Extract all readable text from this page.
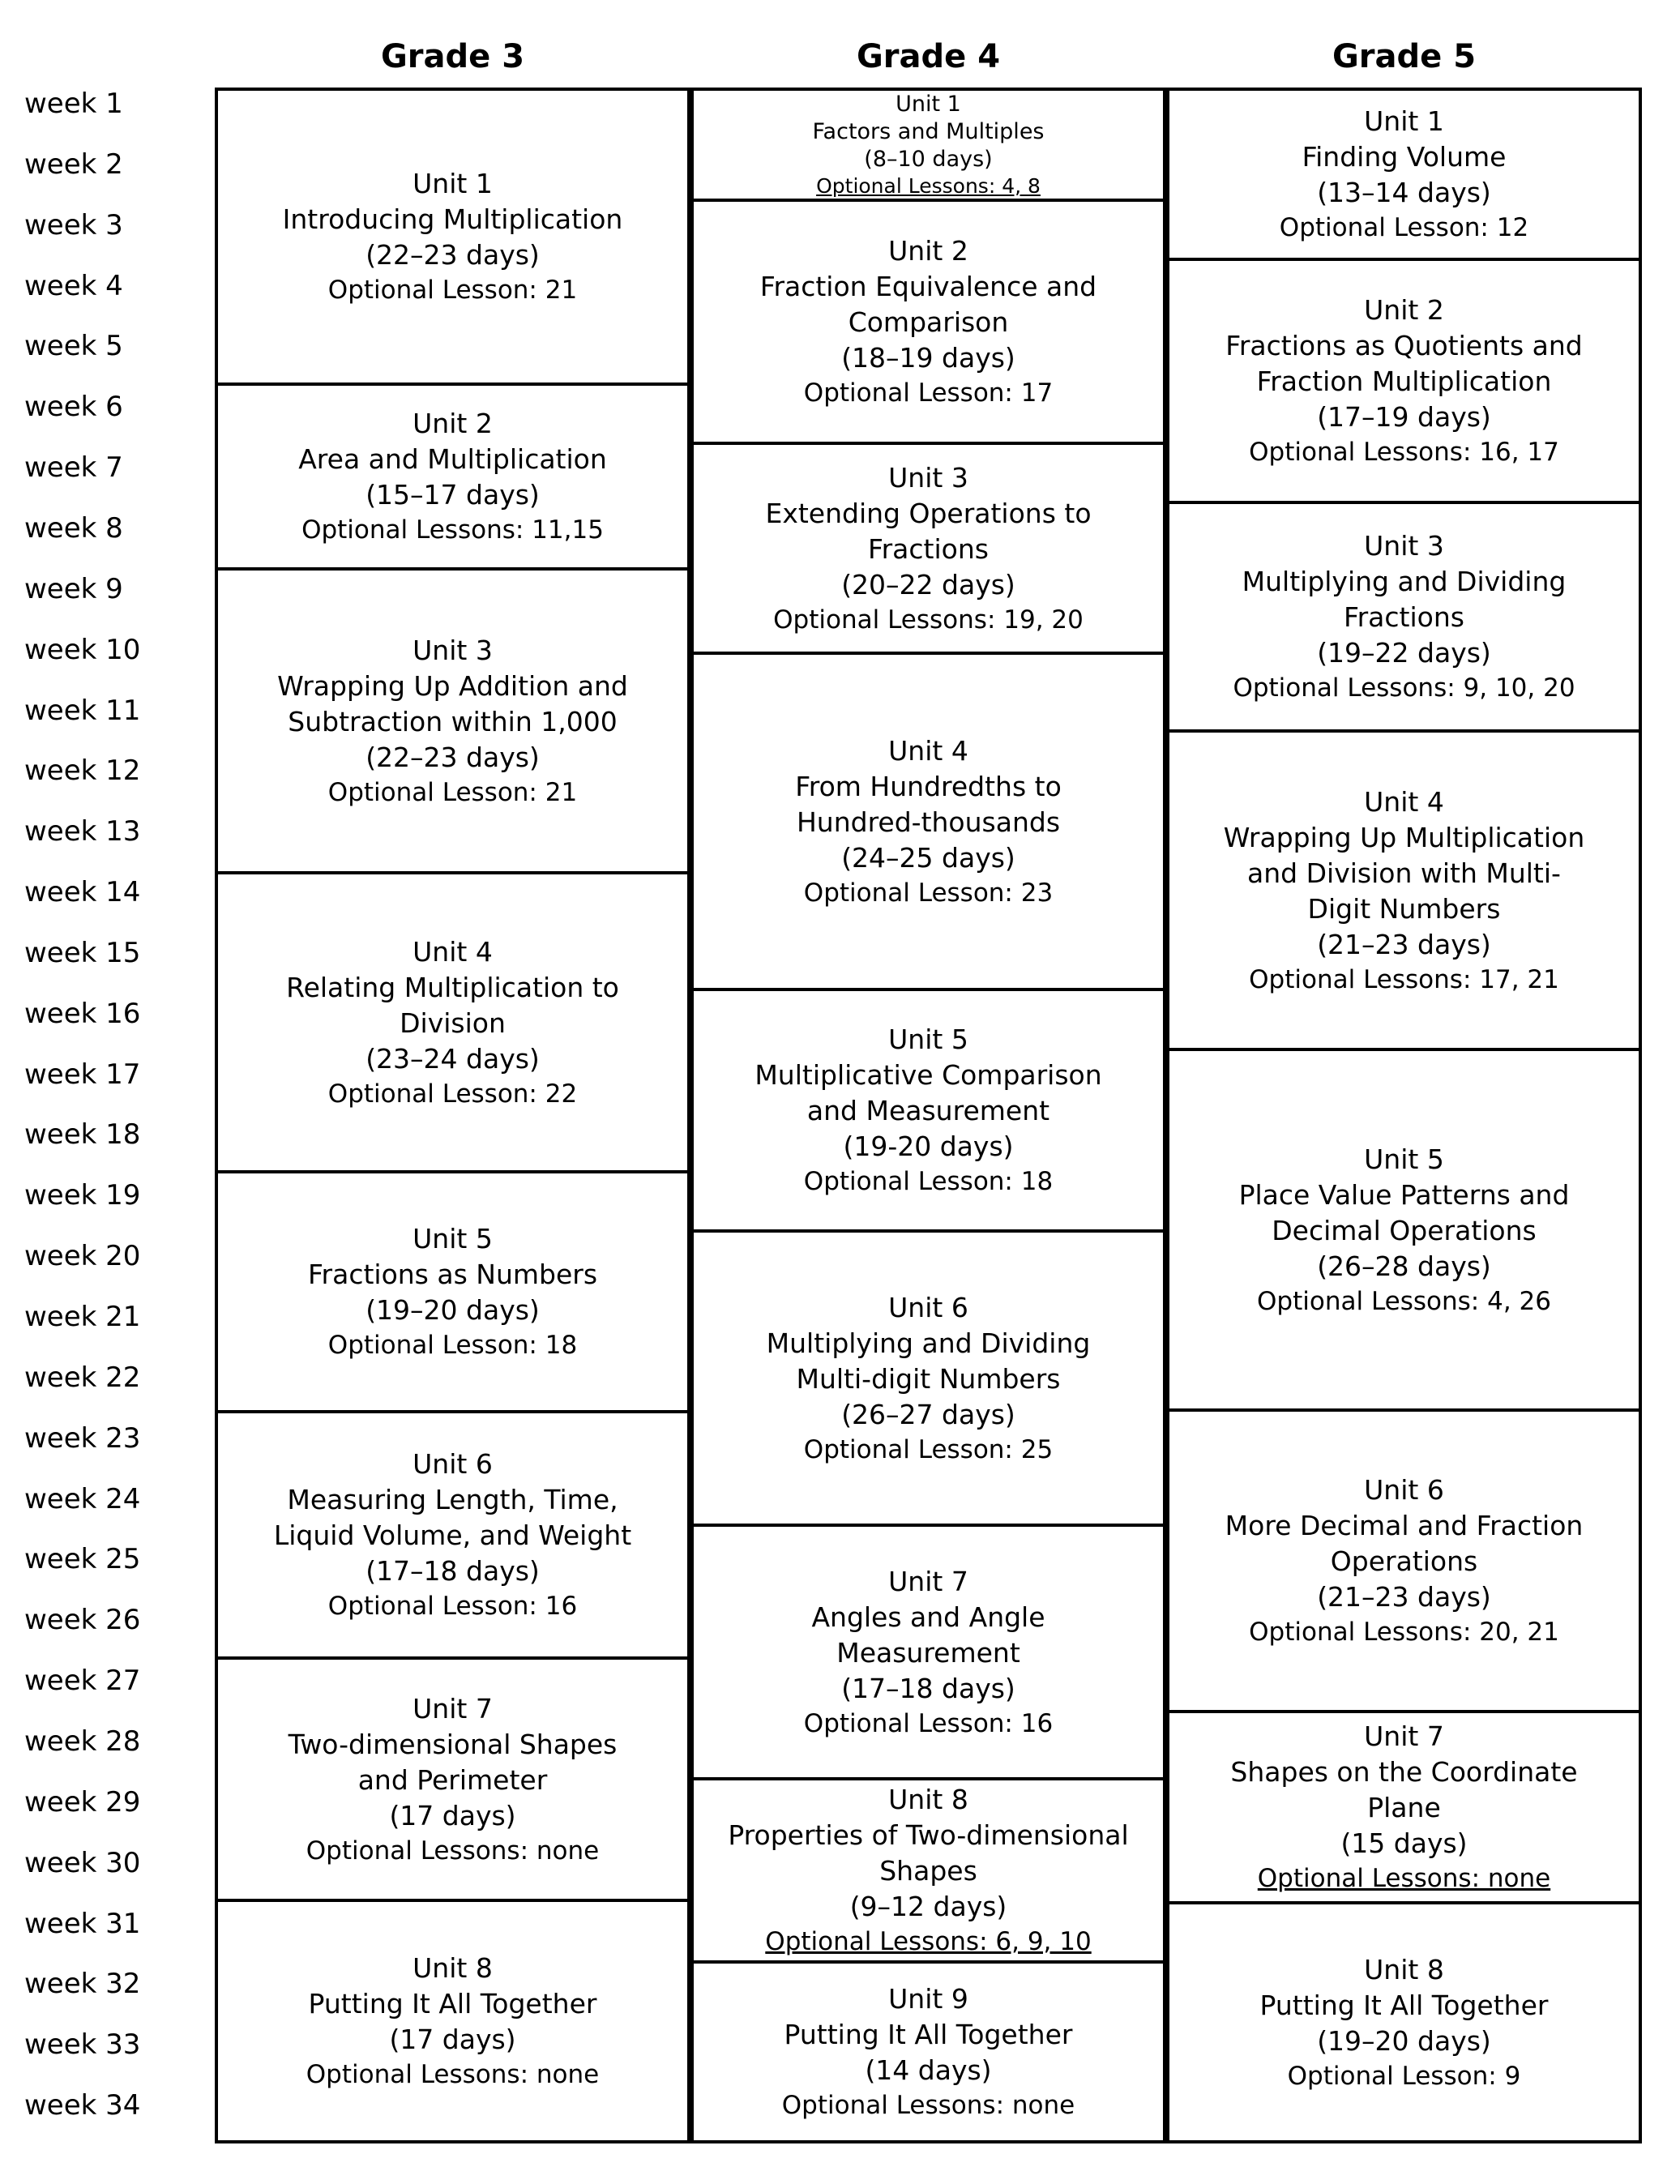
Grade 3	Grade 4	Grade 5
week 1
week 2
week 3
week 4
week 5
week 6
week 7
week 8
week 9
week 10
week 11
week 12
week 13
week 14
week 15
week 16
week 17
week 18
week 19
week 20
week 21
week 22
week 23
week 24
week 25
week 26
week 27
week 28
week 29
week 30
week 31
week 32
week 33
week 34
Unit 1
Introducing Multiplication
(22–23 days)
Optional Lesson: 21
Unit 2
Area and Multiplication
(15–17 days)
Optional Lessons: 11,15
Unit 3
Wrapping Up Addition and
Subtraction within 1,000
(22–23 days)
Optional Lesson: 21
Unit 4
Relating Multiplication to
Division
(23–24 days)
Optional Lesson: 22
Unit 5
Fractions as Numbers
(19–20 days)
Optional Lesson: 18
Unit 6
Measuring Length, Time,
Liquid Volume, and Weight
(17–18 days)
Optional Lesson: 16
Unit 7
Two-dimensional Shapes
and Perimeter
(17 days)
Optional Lessons: none
Unit 8
Putting It All Together
(17 days)
Optional Lessons: none
Unit 1
Factors and Multiples
(8–10 days)
Optional Lessons: 4, 8
Unit 2
Fraction Equivalence and
Comparison
(18–19 days)
Optional Lesson: 17
Unit 3
Extending Operations to
Fractions
(20–22 days)
Optional Lessons: 19, 20
Unit 4
From Hundredths to
Hundred-thousands
(24–25 days)
Optional Lesson: 23
Unit 5
Multiplicative Comparison
and Measurement
(19-20 days)
Optional Lesson: 18
Unit 6
Multiplying and Dividing
Multi-digit Numbers
(26–27 days)
Optional Lesson: 25
Unit 7
Angles and Angle
Measurement
(17–18 days)
Optional Lesson: 16
Unit 8
Properties of Two-dimensional
Shapes
(9–12 days)
Optional Lessons: 6, 9, 10
Unit 9
Putting It All Together
(14 days)
Optional Lessons: none
Unit 1
Finding Volume
(13–14 days)
Optional Lesson: 12
Unit 2
Fractions as Quotients and
Fraction Multiplication
(17–19 days)
Optional Lessons: 16, 17
Unit 3
Multiplying and Dividing
Fractions
(19–22 days)
Optional Lessons: 9, 10, 20
Unit 4
Wrapping Up Multiplication
and Division with Multi-
Digit Numbers
(21–23 days)
Optional Lessons: 17, 21
Unit 5
Place Value Patterns and
Decimal Operations
(26–28 days)
Optional Lessons: 4, 26
Unit 6
More Decimal and Fraction
Operations
(21–23 days)
Optional Lessons: 20, 21
Unit 7
Shapes on the Coordinate
Plane
(15 days)
Optional Lessons: none
Unit 8
Putting It All Together
(19–20 days)
Optional Lesson: 9
